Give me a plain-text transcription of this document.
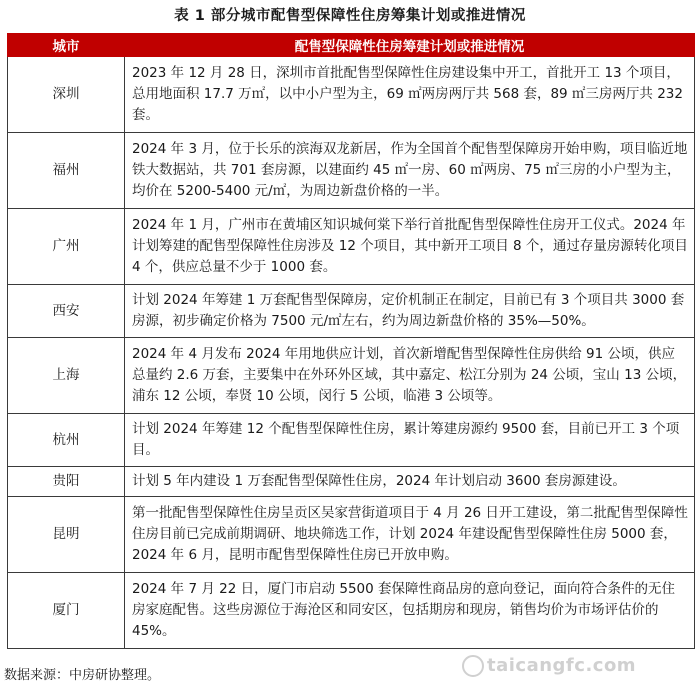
表 1 部分城市配售型保障性住房筹集计划或推进情况
城市	配售型保障性住房筹建计划或推进情况
深圳	2023 年 12 月 28 日，深圳市首批配售型保障性住房建设集中开工，首批开工 13 个项目，总用地面积 17.7 万㎡，以中小户型为主，69 ㎡两房两厅共 568 套，89 ㎡三房两厅共 232 套。
福州	2024 年 3 月，位于长乐的滨海双龙新居，作为全国首个配售型保障房开始申购，项目临近地铁大数据站，共 701 套房源，以建面约 45 ㎡一房、60 ㎡两房、75 ㎡三房的小户型为主，均价在 5200-5400 元/㎡，为周边新盘价格的一半。
广州	2024 年 1 月，广州市在黄埔区知识城何棠下举行首批配售型保障性住房开工仪式。2024 年计划筹建的配售型保障性住房涉及 12 个项目，其中新开工项目 8 个，通过存量房源转化项目 4 个，供应总量不少于 1000 套。
西安	计划 2024 年筹建 1 万套配售型保障房，定价机制正在制定，目前已有 3 个项目共 3000 套房源，初步确定价格为 7500 元/㎡左右，约为周边新盘价格的 35%—50%。
上海	2024 年 4 月发布 2024 年用地供应计划，首次新增配售型保障性住房供给 91 公顷，供应总量约 2.6 万套，主要集中在外环外区域，其中嘉定、松江分别为 24 公顷，宝山 13 公顷，浦东 12 公顷，奉贤 10 公顷，闵行 5 公顷，临港 3 公顷等。
杭州	计划 2024 年筹建 12 个配售型保障性住房，累计筹建房源约 9500 套，目前已开工 3 个项目。
贵阳	计划 5 年内建设 1 万套配售型保障性住房，2024 年计划启动 3600 套房源建设。
昆明	第一批配售型保障性住房呈贡区吴家营街道项目于 4 月 26 日开工建设，第二批配售型保障性住房目前已完成前期调研、地块筛选工作，计划 2024 年建设配售型保障性住房 5000 套，2024 年 6 月，昆明市配售型保障性住房已开放申购。
厦门	2024 年 7 月 22 日，厦门市启动 5500 套保障性商品房的意向登记，面向符合条件的无住房家庭配售。这些房源位于海沧区和同安区，包括期房和现房，销售均价为市场评估价的 45%。
数据来源：中房研协整理。	taicangfc.com
